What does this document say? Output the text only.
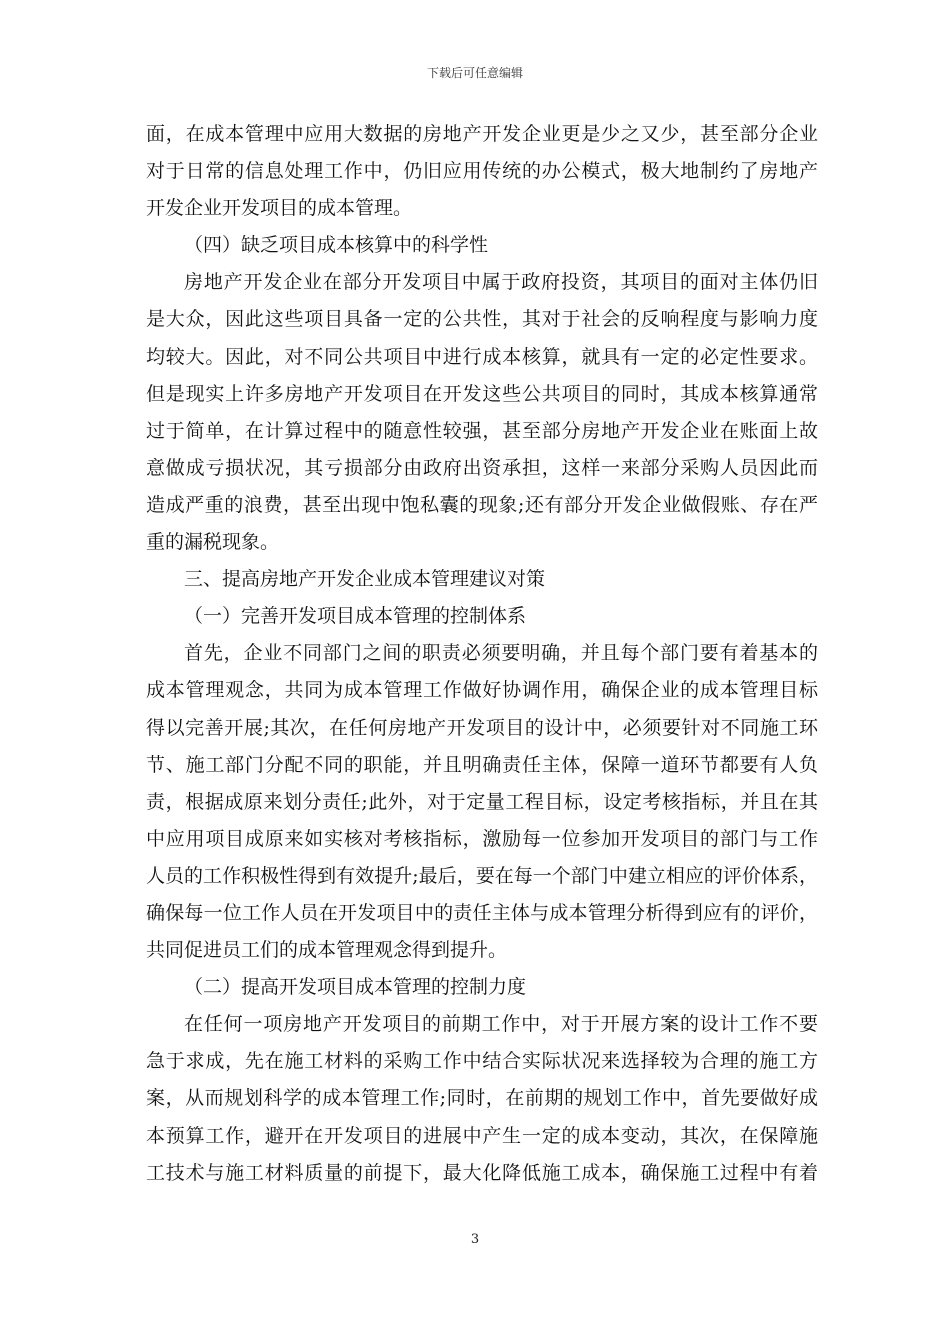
下载后可任意编辑
面，在成本管理中应用大数据的房地产开发企业更是少之又少，甚至部分企业
对于日常的信息处理工作中，仍旧应用传统的办公模式，极大地制约了房地产
开发企业开发项目的成本管理。
（四）缺乏项目成本核算中的科学性
房地产开发企业在部分开发项目中属于政府投资，其项目的面对主体仍旧
是大众，因此这些项目具备一定的公共性，其对于社会的反响程度与影响力度
均较大。因此，对不同公共项目中进行成本核算，就具有一定的必定性要求。
但是现实上许多房地产开发项目在开发这些公共项目的同时，其成本核算通常
过于简单，在计算过程中的随意性较强，甚至部分房地产开发企业在账面上故
意做成亏损状况，其亏损部分由政府出资承担，这样一来部分采购人员因此而
造成严重的浪费，甚至出现中饱私囊的现象;还有部分开发企业做假账、存在严
重的漏税现象。
三、提高房地产开发企业成本管理建议对策
（一）完善开发项目成本管理的控制体系
首先，企业不同部门之间的职责必须要明确，并且每个部门要有着基本的
成本管理观念，共同为成本管理工作做好协调作用，确保企业的成本管理目标
得以完善开展;其次，在任何房地产开发项目的设计中，必须要针对不同施工环
节、施工部门分配不同的职能，并且明确责任主体，保障一道环节都要有人负
责，根据成原来划分责任;此外，对于定量工程目标，设定考核指标，并且在其
中应用项目成原来如实核对考核指标，激励每一位参加开发项目的部门与工作
人员的工作积极性得到有效提升;最后，要在每一个部门中建立相应的评价体系，
确保每一位工作人员在开发项目中的责任主体与成本管理分析得到应有的评价，
共同促进员工们的成本管理观念得到提升。
（二）提高开发项目成本管理的控制力度
在任何一项房地产开发项目的前期工作中，对于开展方案的设计工作不要
急于求成，先在施工材料的采购工作中结合实际状况来选择较为合理的施工方
案，从而规划科学的成本管理工作;同时，在前期的规划工作中，首先要做好成
本预算工作，避开在开发项目的进展中产生一定的成本变动，其次，在保障施
工技术与施工材料质量的前提下，最大化降低施工成本，确保施工过程中有着
3
